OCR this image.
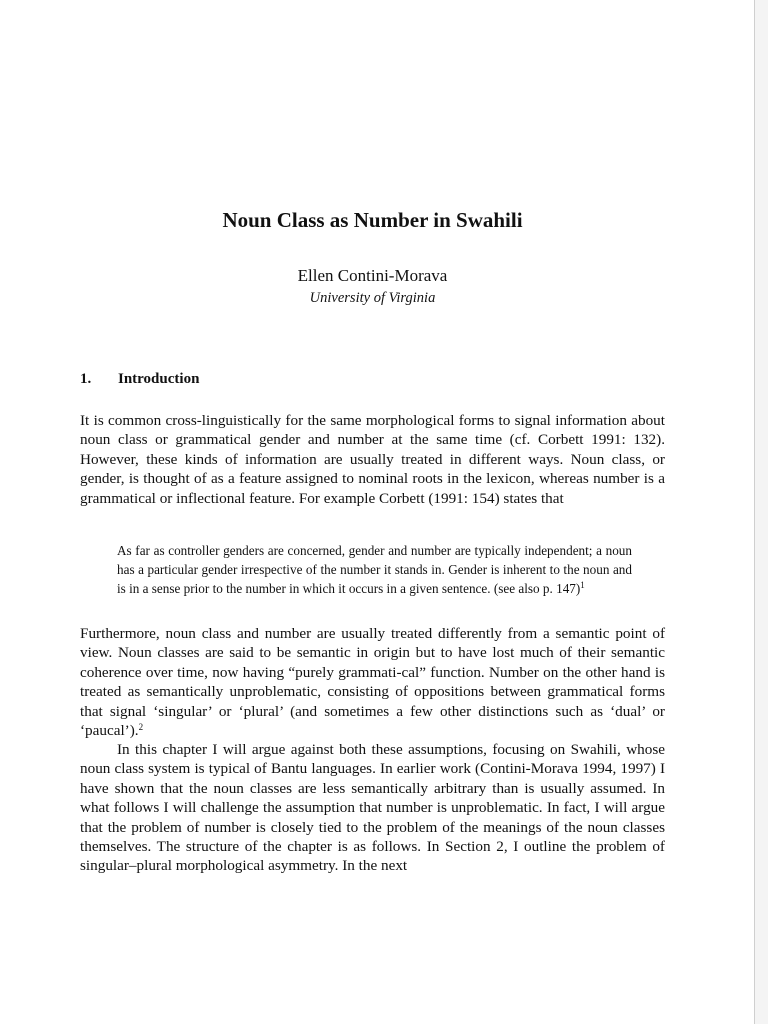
Noun Class as Number in Swahili
Ellen Contini-Morava
University of Virginia
1. Introduction
It is common cross-linguistically for the same morphological forms to signal information about noun class or grammatical gender and number at the same time (cf. Corbett 1991: 132). However, these kinds of information are usually treated in different ways. Noun class, or gender, is thought of as a feature assigned to nominal roots in the lexicon, whereas number is a grammatical or inflectional feature. For example Corbett (1991: 154) states that
As far as controller genders are concerned, gender and number are typically independent; a noun has a particular gender irrespective of the number it stands in. Gender is inherent to the noun and is in a sense prior to the number in which it occurs in a given sentence. (see also p. 147)$^1$
Furthermore, noun class and number are usually treated differently from a semantic point of view. Noun classes are said to be semantic in origin but to have lost much of their semantic coherence over time, now having “purely grammati-cal” function. Number on the other hand is treated as semantically unproblematic, consisting of oppositions between grammatical forms that signal ‘singular’ or ‘plural’ (and sometimes a few other distinctions such as ‘dual’ or ‘paucal’).$^2$
In this chapter I will argue against both these assumptions, focusing on Swahili, whose noun class system is typical of Bantu languages. In earlier work (Contini-Morava 1994, 1997) I have shown that the noun classes are less semantically arbitrary than is usually assumed. In what follows I will challenge the assumption that number is unproblematic. In fact, I will argue that the problem of number is closely tied to the problem of the meanings of the noun classes themselves. The structure of the chapter is as follows. In Section 2, I outline the problem of singular–plural morphological asymmetry. In the next
